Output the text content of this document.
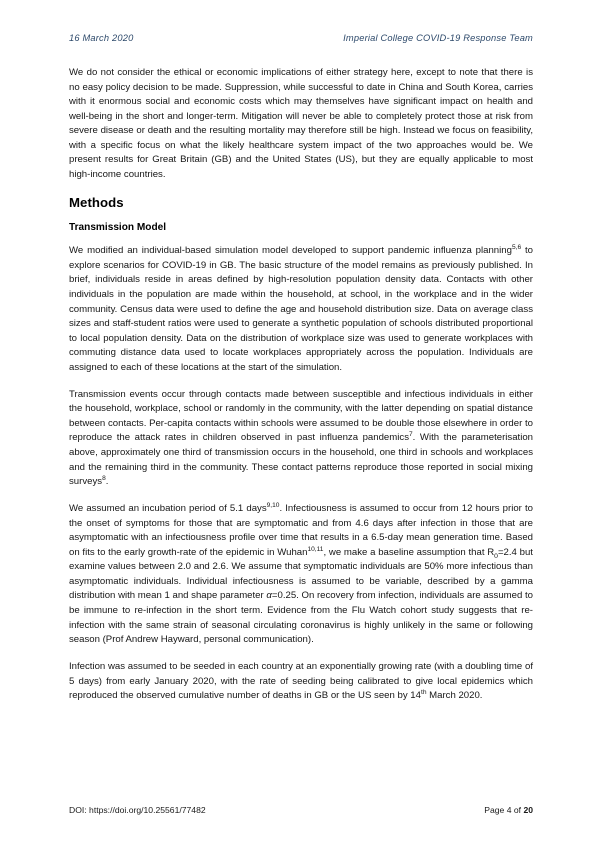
16 March 2020	Imperial College COVID-19 Response Team

We do not consider the ethical or economic implications of either strategy here, except to note that there is no easy policy decision to be made. Suppression, while successful to date in China and South Korea, carries with it enormous social and economic costs which may themselves have significant impact on health and well-being in the short and longer-term. Mitigation will never be able to completely protect those at risk from severe disease or death and the resulting mortality may therefore still be high. Instead we focus on feasibility, with a specific focus on what the likely healthcare system impact of the two approaches would be. We present results for Great Britain (GB) and the United States (US), but they are equally applicable to most high-income countries.

Methods
Transmission Model

We modified an individual-based simulation model developed to support pandemic influenza planning$^{5,6}$ to explore scenarios for COVID-19 in GB. The basic structure of the model remains as previously published. In brief, individuals reside in areas defined by high-resolution population density data. Contacts with other individuals in the population are made within the household, at school, in the workplace and in the wider community. Census data were used to define the age and household distribution size. Data on average class sizes and staff-student ratios were used to generate a synthetic population of schools distributed proportional to local population density. Data on the distribution of workplace size was used to generate workplaces with commuting distance data used to locate workplaces appropriately across the population. Individuals are assigned to each of these locations at the start of the simulation.

Transmission events occur through contacts made between susceptible and infectious individuals in either the household, workplace, school or randomly in the community, with the latter depending on spatial distance between contacts. Per-capita contacts within schools were assumed to be double those elsewhere in order to reproduce the attack rates in children observed in past influenza pandemics$^7$. With the parameterisation above, approximately one third of transmission occurs in the household, one third in schools and workplaces and the remaining third in the community. These contact patterns reproduce those reported in social mixing surveys$^8$.

We assumed an incubation period of 5.1 days$^{9,10}$. Infectiousness is assumed to occur from 12 hours prior to the onset of symptoms for those that are symptomatic and from 4.6 days after infection in those that are asymptomatic with an infectiousness profile over time that results in a 6.5-day mean generation time. Based on fits to the early growth-rate of the epidemic in Wuhan$^{10,11}$, we make a baseline assumption that $R_0=2.4$ but examine values between 2.0 and 2.6. We assume that symptomatic individuals are 50% more infectious than asymptomatic individuals. Individual infectiousness is assumed to be variable, described by a gamma distribution with mean 1 and shape parameter α=0.25. On recovery from infection, individuals are assumed to be immune to re-infection in the short term. Evidence from the Flu Watch cohort study suggests that re-infection with the same strain of seasonal circulating coronavirus is highly unlikely in the same or following season (Prof Andrew Hayward, personal communication).

Infection was assumed to be seeded in each country at an exponentially growing rate (with a doubling time of 5 days) from early January 2020, with the rate of seeding being calibrated to give local epidemics which reproduced the observed cumulative number of deaths in GB or the US seen by 14th March 2020.

DOI: https://doi.org/10.25561/77482	Page 4 of 20
